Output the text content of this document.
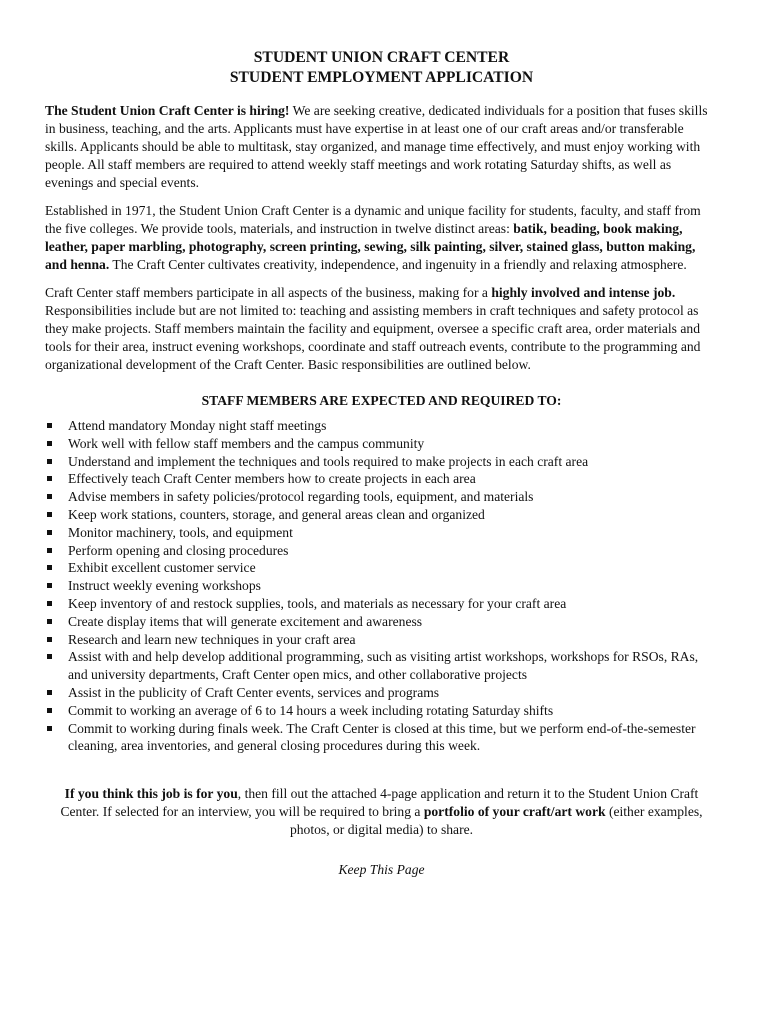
STUDENT UNION CRAFT CENTER
STUDENT EMPLOYMENT APPLICATION

The Student Union Craft Center is hiring! We are seeking creative, dedicated individuals for a position that fuses skills in business, teaching, and the arts. Applicants must have expertise in at least one of our craft areas and/or transferable skills. Applicants should be able to multitask, stay organized, and manage time effectively, and must enjoy working with people. All staff members are required to attend weekly staff meetings and work rotating Saturday shifts, as well as evenings and special events.

Established in 1971, the Student Union Craft Center is a dynamic and unique facility for students, faculty, and staff from the five colleges. We provide tools, materials, and instruction in twelve distinct areas: batik, beading, book making, leather, paper marbling, photography, screen printing, sewing, silk painting, silver, stained glass, button making, and henna. The Craft Center cultivates creativity, independence, and ingenuity in a friendly and relaxing atmosphere.

Craft Center staff members participate in all aspects of the business, making for a highly involved and intense job. Responsibilities include but are not limited to: teaching and assisting members in craft techniques and safety protocol as they make projects. Staff members maintain the facility and equipment, oversee a specific craft area, order materials and tools for their area, instruct evening workshops, coordinate and staff outreach events, contribute to the programming and organizational development of the Craft Center. Basic responsibilities are outlined below.

STAFF MEMBERS ARE EXPECTED AND REQUIRED TO:
Attend mandatory Monday night staff meetings
Work well with fellow staff members and the campus community
Understand and implement the techniques and tools required to make projects in each craft area
Effectively teach Craft Center members how to create projects in each area
Advise members in safety policies/protocol regarding tools, equipment, and materials
Keep work stations, counters, storage, and general areas clean and organized
Monitor machinery, tools, and equipment
Perform opening and closing procedures
Exhibit excellent customer service
Instruct weekly evening workshops
Keep inventory of and restock supplies, tools, and materials as necessary for your craft area
Create display items that will generate excitement and awareness
Research and learn new techniques in your craft area
Assist with and help develop additional programming, such as visiting artist workshops, workshops for RSOs, RAs, and university departments, Craft Center open mics, and other collaborative projects
Assist in the publicity of Craft Center events, services and programs
Commit to working an average of 6 to 14 hours a week including rotating Saturday shifts
Commit to working during finals week. The Craft Center is closed at this time, but we perform end-of-the-semester cleaning, area inventories, and general closing procedures during this week.
If you think this job is for you, then fill out the attached 4-page application and return it to the Student Union Craft Center. If selected for an interview, you will be required to bring a portfolio of your craft/art work (either examples, photos, or digital media) to share.
Keep This Page
